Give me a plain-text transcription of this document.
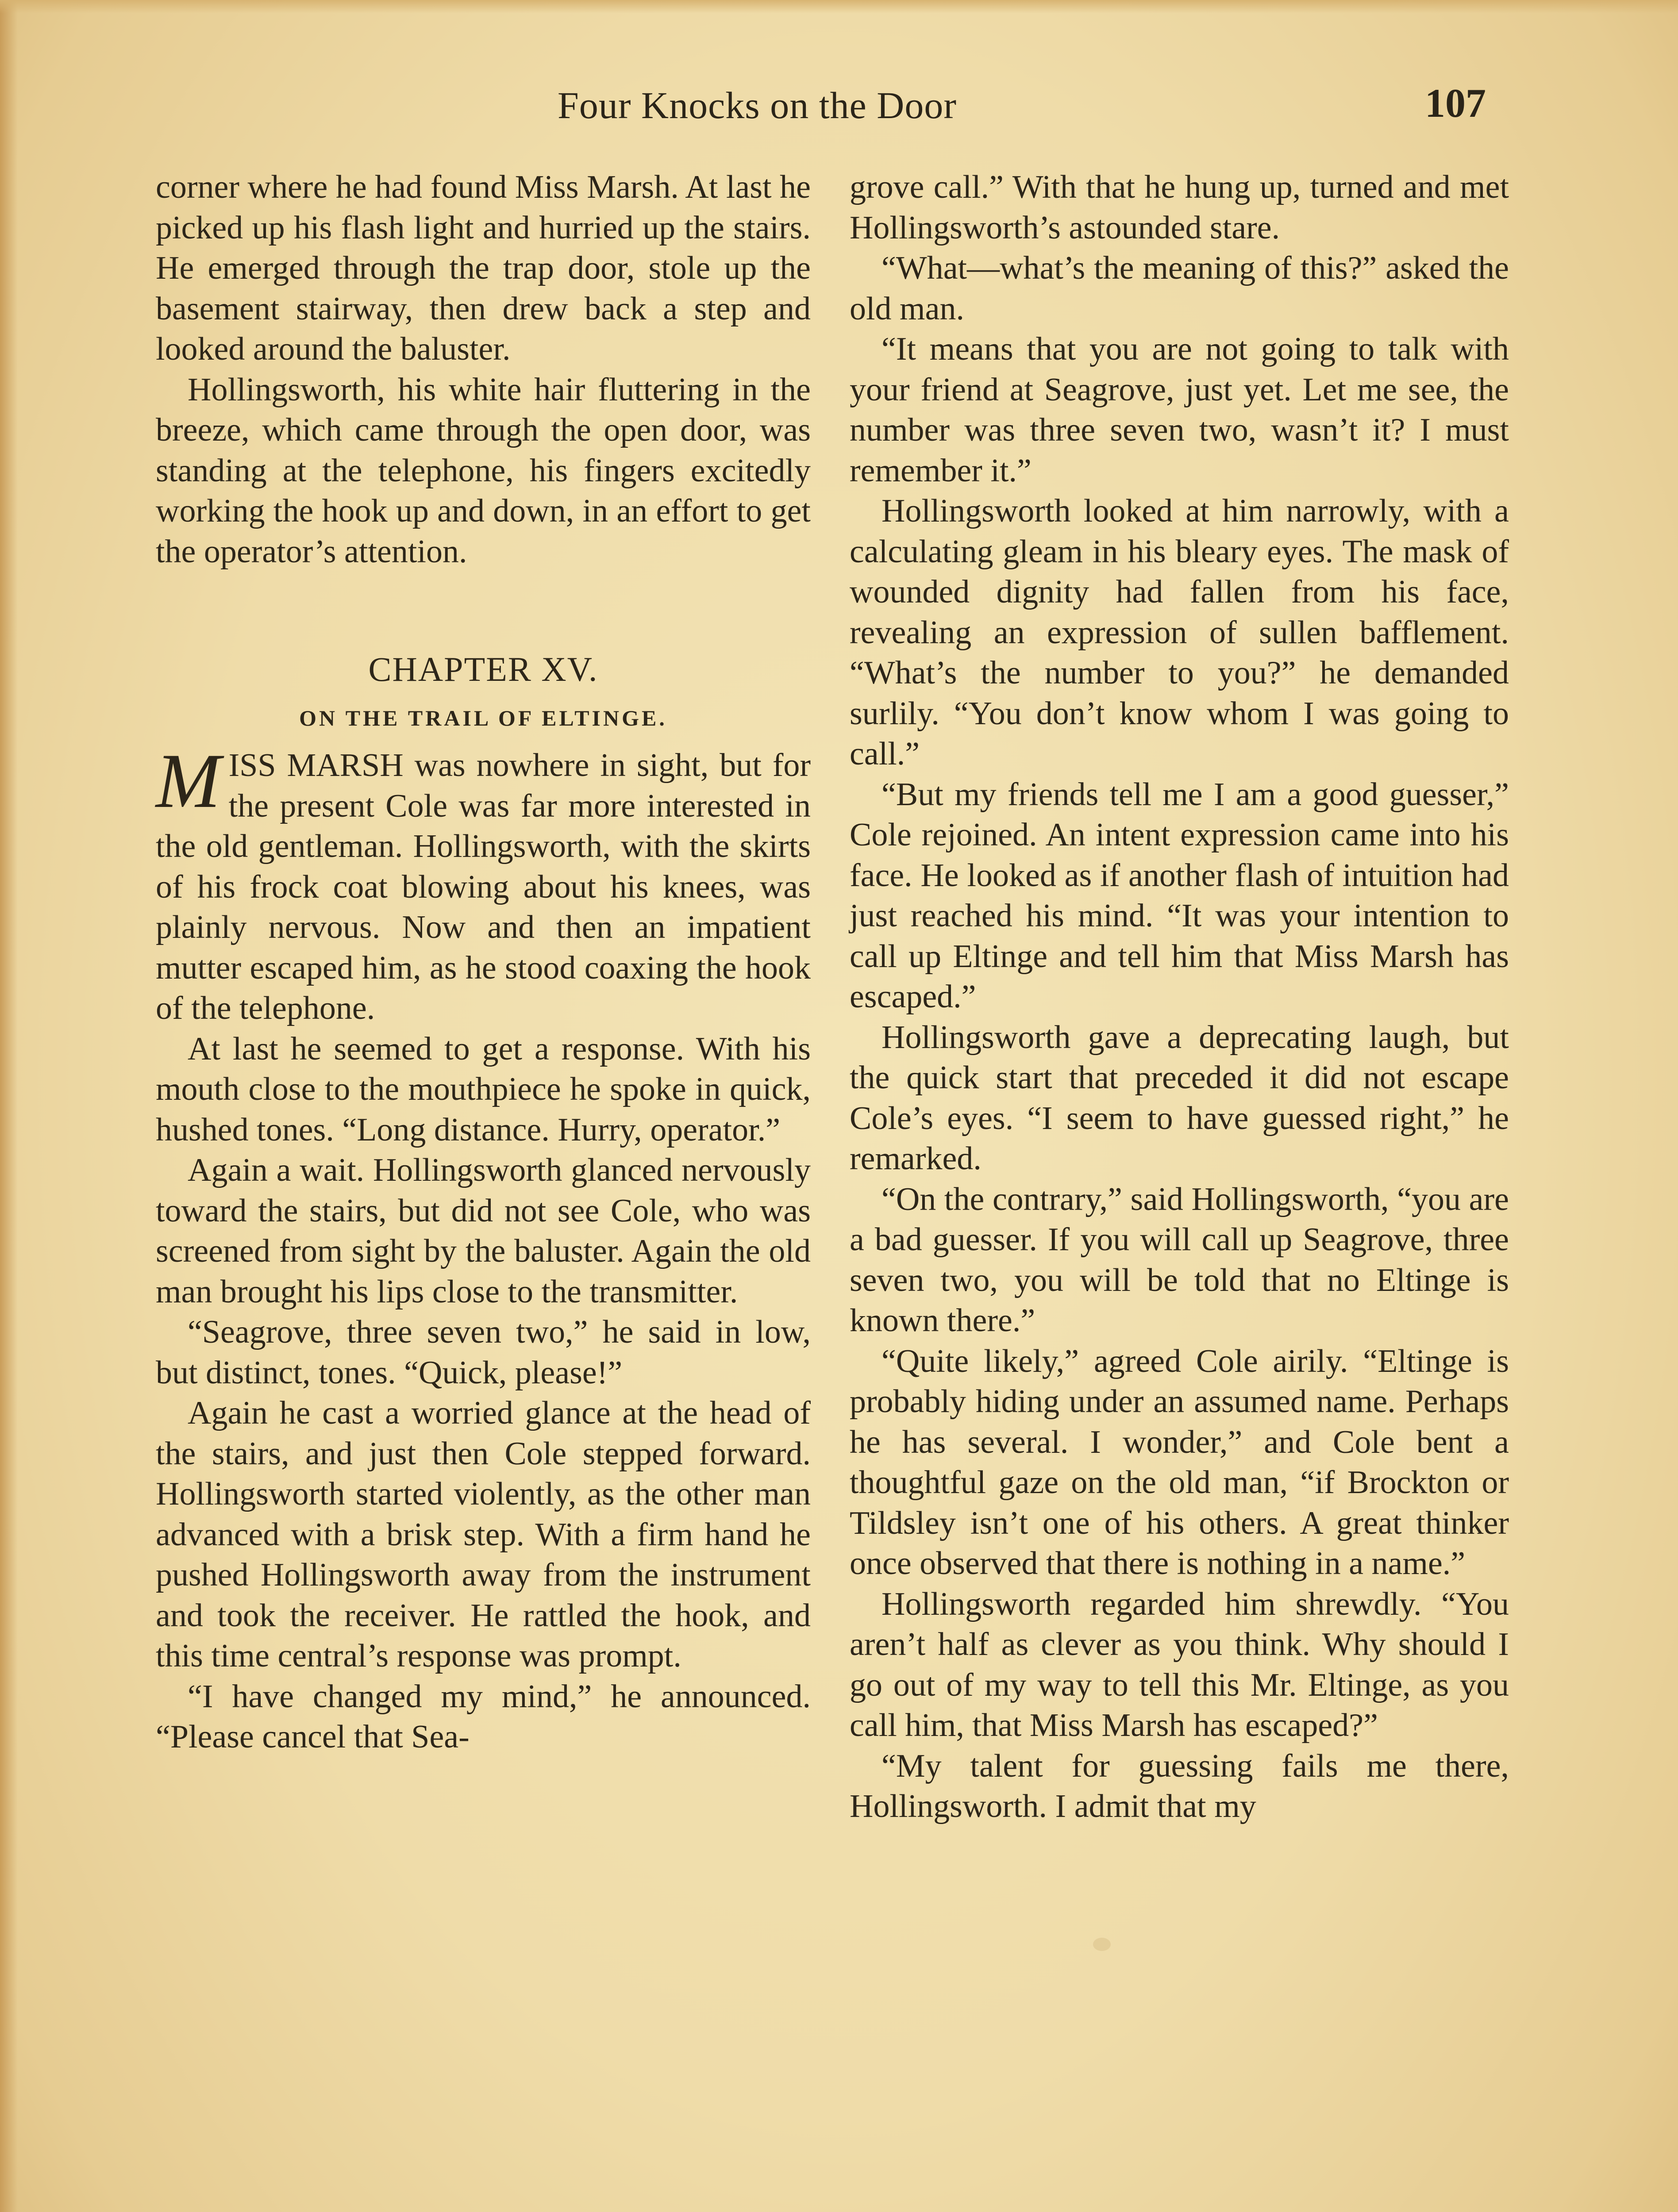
Four Knocks on the Door	107

corner where he had found Miss Marsh. At last he picked up his flash light and hurried up the stairs. He emerged through the trap door, stole up the basement stairway, then drew back a step and looked around the baluster.

Hollingsworth, his white hair fluttering in the breeze, which came through the open door, was standing at the telephone, his fingers excitedly working the hook up and down, in an effort to get the operator’s attention.

CHAPTER XV.
ON THE TRAIL OF ELTINGE.

MISS MARSH was nowhere in sight, but for the present Cole was far more interested in the old gentleman. Hollingsworth, with the skirts of his frock coat blowing about his knees, was plainly nervous. Now and then an impatient mutter escaped him, as he stood coaxing the hook of the telephone.

At last he seemed to get a response. With his mouth close to the mouthpiece he spoke in quick, hushed tones. “Long distance. Hurry, operator.”

Again a wait. Hollingsworth glanced nervously toward the stairs, but did not see Cole, who was screened from sight by the baluster. Again the old man brought his lips close to the transmitter.

“Seagrove, three seven two,” he said in low, but distinct, tones. “Quick, please!”

Again he cast a worried glance at the head of the stairs, and just then Cole stepped forward. Hollingsworth started violently, as the other man advanced with a brisk step. With a firm hand he pushed Hollingsworth away from the instrument and took the receiver. He rattled the hook, and this time central’s response was prompt.

“I have changed my mind,” he announced. “Please cancel that Sea-

grove call.” With that he hung up, turned and met Hollingsworth’s astounded stare.

“What—what’s the meaning of this?” asked the old man.

“It means that you are not going to talk with your friend at Seagrove, just yet. Let me see, the number was three seven two, wasn’t it? I must remember it.”

Hollingsworth looked at him narrowly, with a calculating gleam in his bleary eyes. The mask of wounded dignity had fallen from his face, revealing an expression of sullen bafflement. “What’s the number to you?” he demanded surlily. “You don’t know whom I was going to call.”

“But my friends tell me I am a good guesser,” Cole rejoined. An intent expression came into his face. He looked as if another flash of intuition had just reached his mind. “It was your intention to call up Eltinge and tell him that Miss Marsh has escaped.”

Hollingsworth gave a deprecating laugh, but the quick start that preceded it did not escape Cole’s eyes. “I seem to have guessed right,” he remarked.

“On the contrary,” said Hollingsworth, “you are a bad guesser. If you will call up Seagrove, three seven two, you will be told that no Eltinge is known there.”

“Quite likely,” agreed Cole airily. “Eltinge is probably hiding under an assumed name. Perhaps he has several. I wonder,” and Cole bent a thoughtful gaze on the old man, “if Brockton or Tildsley isn’t one of his others. A great thinker once observed that there is nothing in a name.”

Hollingsworth regarded him shrewdly. “You aren’t half as clever as you think. Why should I go out of my way to tell this Mr. Eltinge, as you call him, that Miss Marsh has escaped?”

“My talent for guessing fails me there, Hollingsworth. I admit that my
